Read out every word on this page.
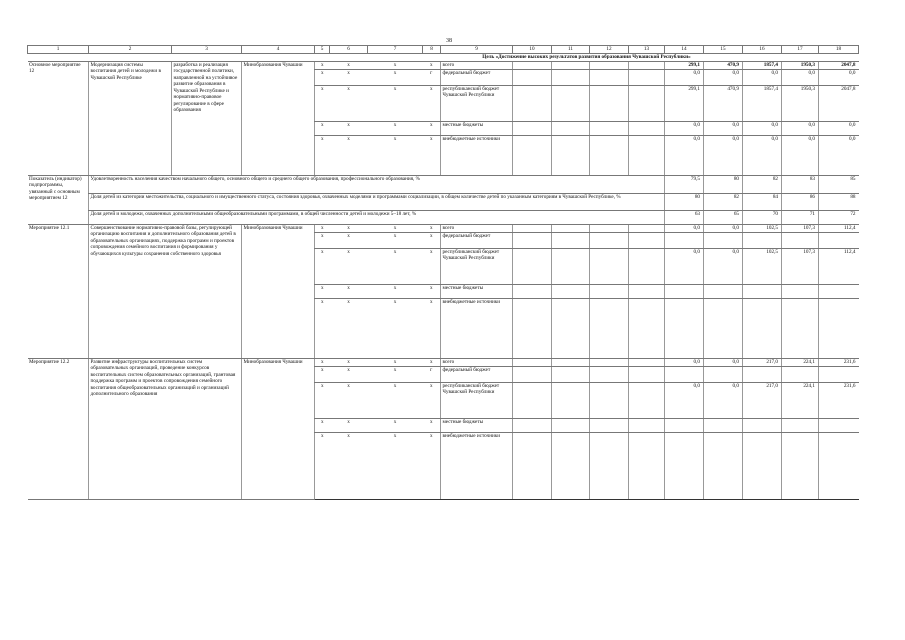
38
1	2	3	4	5	6	7	8	9	10	11	12	13	14	15	16	17	18
				Цель «Достижение высоких результатов развития образования Чувашской Республики»													
Основное мероприятие 12	Модернизация системы воспитания детей и молодежи в Чувашской Республике	разработка и реализация государственной политики, направленной на устойчивое развитие образования в Чувашской Республике и нормативно-правовое регулирование в сфере образования	Минобразования Чувашии	х	х	х	х	всего					299,1	470,9	1857,4	1950,3	2047,8
				х	х	х	г	федеральный бюджет					0,0	0,0	0,0	0,0	0,0
				х	х	х	х	республиканский бюджет Чувашской Республики					299,1	470,9	1857,4	1950,3	2047,8
				х	х	х	х	местные бюджеты					0,0	0,0	0,0	0,0	0,0
				х	х	х	х	внебюджетные источники					0,0	0,0	0,0	0,0	0,0
Показатель (индикатор) подпрограммы, увязанный с основным мероприятием 12	Удовлетворенность населения качеством начального общего, основного общего и среднего общего образования, профессионального образования, %												79,5	80	82	83	85
	Доля детей из категории местожительства, социального и имущественного статуса, состояния здоровья, охваченных моделями и программами социализации, в общем количестве детей по указанным категориям в Чувашской Республике, %												80	82	84	86	88
	Доля детей и молодежи, охваченных дополнительными общеобразовательными программами, в общей численности детей и молодежи 5–18 лет, %												63	65	70	71	72
Мероприятие 12.1	Совершенствование нормативно-правовой базы, регулирующей организацию воспитания и дополнительного образования детей в образовательных организациях, поддержка программ и проектов сопровождения семейного воспитания и формирования у обучающихся культуры сохранения собственного здоровья		Минобразования Чувашии	х	х	х	х	всего					0,0	0,0	102,5	107,3	112,4
				х	х	х	х	федеральный бюджет									
				х	х	х	х	республиканский бюджет Чувашской Республики					0,0	0,0	102,5	107,3	112,4
				х	х	х	х	местные бюджеты									
				х	х	х	х	внебюджетные источники									
Мероприятие 12.2	Развитие инфраструктуры воспитательных систем образовательных организаций, проведение конкурсов воспитательных систем образовательных организаций, грантовая поддержка программ и проектов сопровождения семейного воспитания общеобразовательных организаций и организаций дополнительного образования		Минобразования Чувашии	х	х	х	х	всего					0,0	0,0	217,0	224,1	231,6
				х	х	х	г	федеральный бюджет									
				х	х	х	х	республиканский бюджет Чувашской Республики					0,0	0,0	217,0	224,1	231,6
				х	х	х	х	местные бюджеты									
				х	х	х	х	внебюджетные источники									
